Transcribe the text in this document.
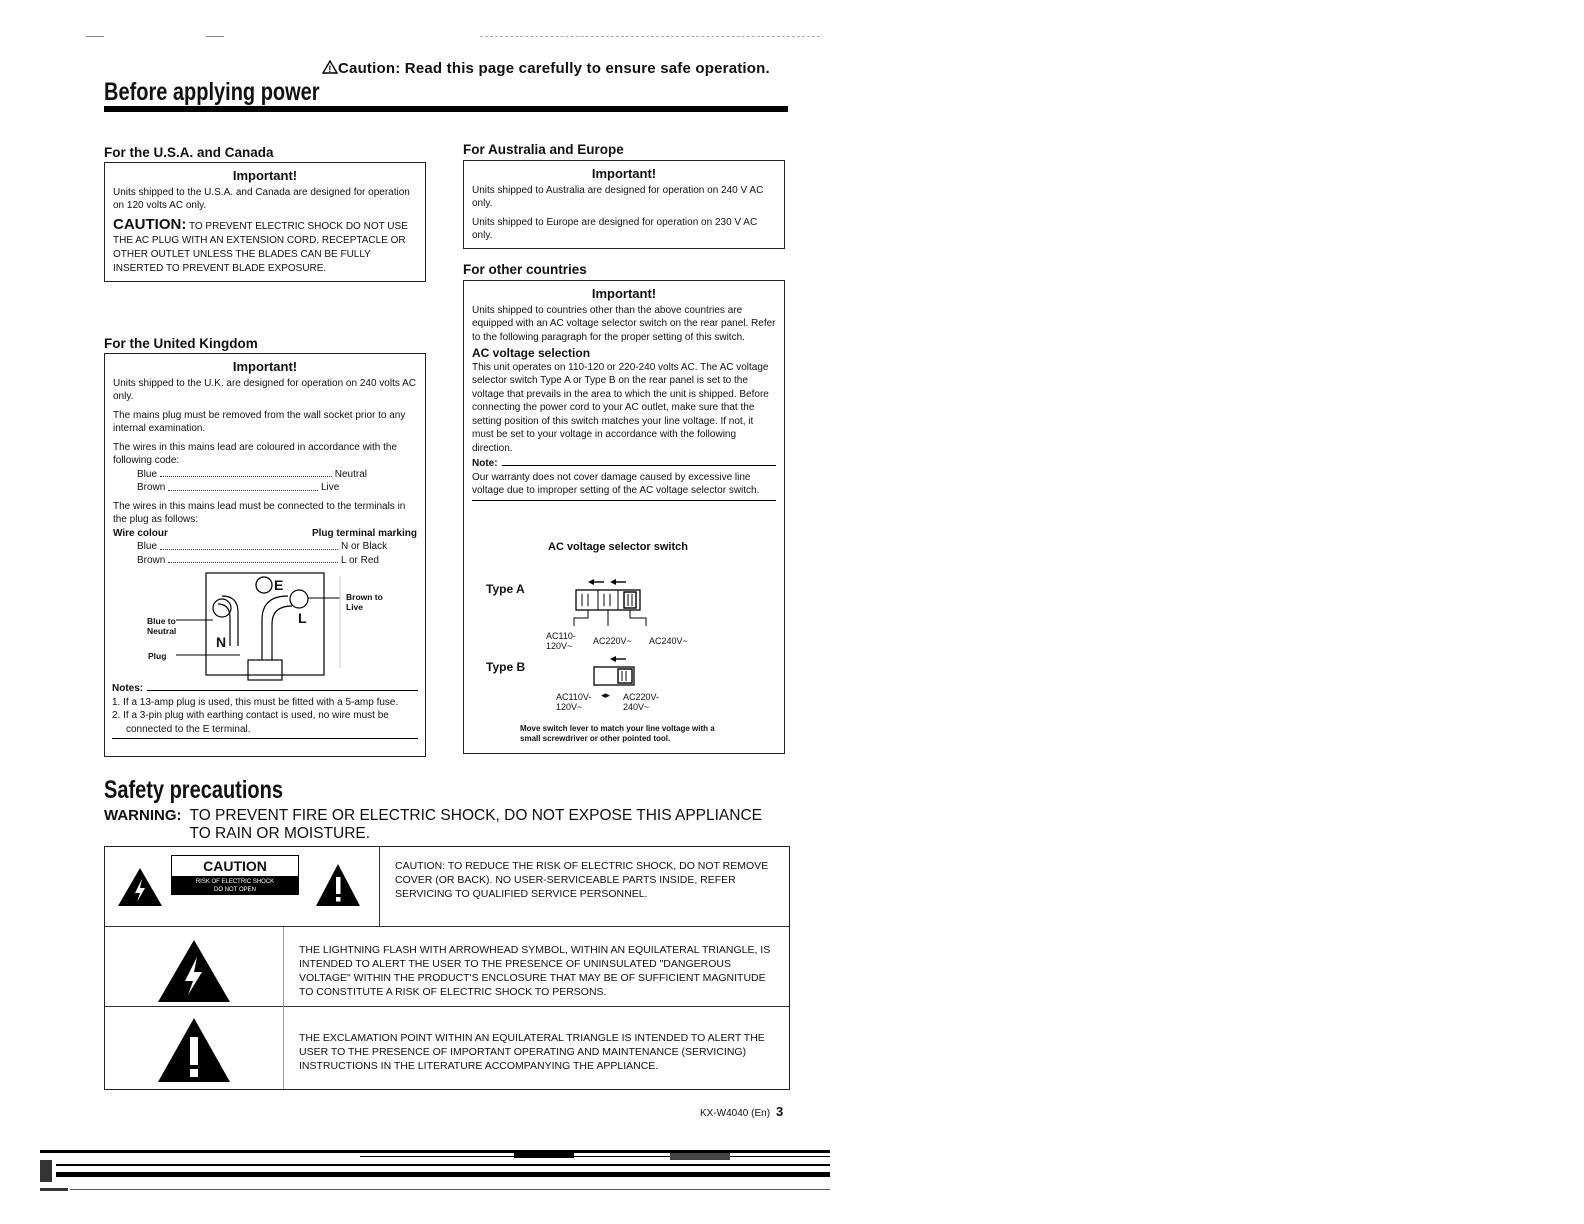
! Caution: Read this page carefully to ensure safe operation.
Before applying power
For the U.S.A. and Canada
Important!

Units shipped to the U.S.A. and Canada are designed for operation on 120 volts AC only.

CAUTION: TO PREVENT ELECTRIC SHOCK DO NOT USE THE AC PLUG WITH AN EXTENSION CORD, RECEPTACLE OR OTHER OUTLET UNLESS THE BLADES CAN BE FULLY INSERTED TO PREVENT BLADE EXPOSURE.

For the United Kingdom
Important!

Units shipped to the U.K. are designed for operation on 240 volts AC only.

The mains plug must be removed from the wall socket prior to any internal examination.

The wires in this mains lead are coloured in accordance with the following code:

Blue	Neutral
Brown	Live

The wires in this mains lead must be connected to the terminals in the plug as follows:

Wire colour	Plug terminal marking
Blue	N or Black
Brown	L or Red
E
L
N
Brown to Live
Blue to Neutral
Plug
Notes:
1. If a 13-amp plug is used, this must be fitted with a 5-amp fuse.
2. If a 3-pin plug with earthing contact is used, no wire must be connected to the E terminal.
For Australia and Europe
Important!

Units shipped to Australia are designed for operation on 240 V AC only.

Units shipped to Europe are designed for operation on 230 V AC only.

For other countries
Important!

Units shipped to countries other than the above countries are equipped with an AC voltage selector switch on the rear panel. Refer to the following paragraph for the proper setting of this switch.

AC voltage selection

This unit operates on 110-120 or 220-240 volts AC. The AC voltage selector switch Type A or Type B on the rear panel is set to the voltage that prevails in the area to which the unit is shipped. Before connecting the power cord to your AC outlet, make sure that the setting position of this switch matches your line voltage. If not, it must be set to your voltage in accordance with the following direction.

Note:
Our warranty does not cover damage caused by excessive line voltage due to improper setting of the AC voltage selector switch.
AC voltage selector switch
Type A
Type B
AC110-
120V~	AC220V~ AC240V~
AC110V-
120V~
◂▸ AC220V-
240V~
Move switch lever to match your line voltage with a small screwdriver or other pointed tool.
Safety precautions
WARNING: TO PREVENT FIRE OR ELECTRIC SHOCK, DO NOT EXPOSE THIS APPLIANCE TO RAIN OR MOISTURE.
CAUTION
RISK OF ELECTRIC SHOCK
DO NOT OPEN
CAUTION: TO REDUCE THE RISK OF ELECTRIC SHOCK, DO NOT REMOVE COVER (OR BACK). NO USER-SERVICEABLE PARTS INSIDE, REFER SERVICING TO QUALIFIED SERVICE PERSONNEL.
THE LIGHTNING FLASH WITH ARROWHEAD SYMBOL, WITHIN AN EQUILATERAL TRIANGLE, IS INTENDED TO ALERT THE USER TO THE PRESENCE OF UNINSULATED "DANGEROUS VOLTAGE" WITHIN THE PRODUCT'S ENCLOSURE THAT MAY BE OF SUFFICIENT MAGNITUDE TO CONSTITUTE A RISK OF ELECTRIC SHOCK TO PERSONS.
THE EXCLAMATION POINT WITHIN AN EQUILATERAL TRIANGLE IS INTENDED TO ALERT THE USER TO THE PRESENCE OF IMPORTANT OPERATING AND MAINTENANCE (SERVICING) INSTRUCTIONS IN THE LITERATURE ACCOMPANYING THE APPLIANCE.
KX-W4040 (En) 3
